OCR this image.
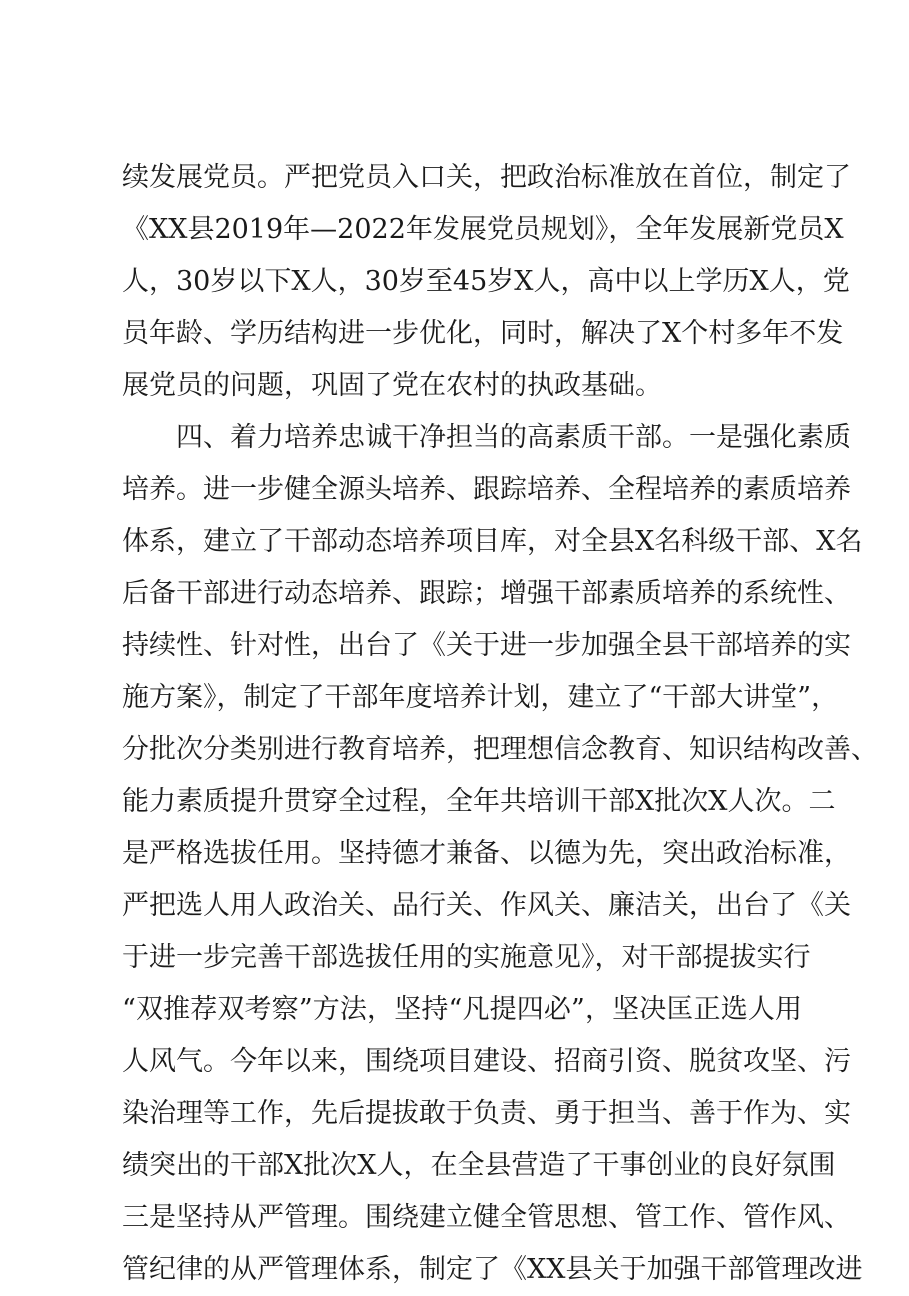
续发展党员。严把党员入口关，把政治标准放在首位，制定了
《XX县2019年—2022年发展党员规划》，全年发展新党员X
人，30岁以下X人，30岁至45岁X人，高中以上学历X人，党
员年龄、学历结构进一步优化，同时，解决了X个村多年不发
展党员的问题，巩固了党在农村的执政基础。
四、着力培养忠诚干净担当的高素质干部。一是强化素质
培养。进一步健全源头培养、跟踪培养、全程培养的素质培养
体系，建立了干部动态培养项目库，对全县X名科级干部、X名
后备干部进行动态培养、跟踪；增强干部素质培养的系统性、
持续性、针对性，出台了《关于进一步加强全县干部培养的实
施方案》，制定了干部年度培养计划，建立了“干部大讲堂”，
分批次分类别进行教育培养，把理想信念教育、知识结构改善、
能力素质提升贯穿全过程，全年共培训干部X批次X人次。二
是严格选拔任用。坚持德才兼备、以德为先，突出政治标准，
严把选人用人政治关、品行关、作风关、廉洁关，出台了《关
于进一步完善干部选拔任用的实施意见》，对干部提拔实行
“双推荐双考察”方法，坚持“凡提四必”，坚决匡正选人用
人风气。今年以来，围绕项目建设、招商引资、脱贫攻坚、污
染治理等工作，先后提拔敢于负责、勇于担当、善于作为、实
绩突出的干部X批次X人，在全县营造了干事创业的良好氛围
三是坚持从严管理。围绕建立健全管思想、管工作、管作风、
管纪律的从严管理体系，制定了《XX县关于加强干部管理改进
